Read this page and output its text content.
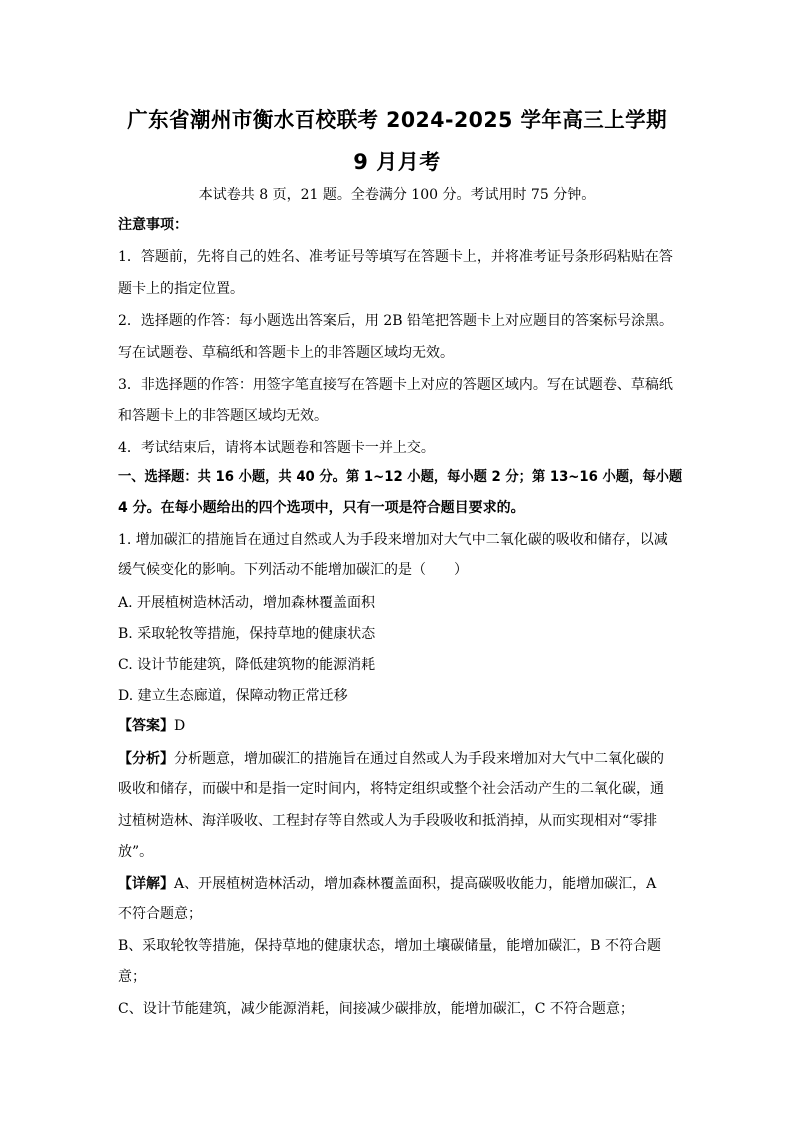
广东省潮州市衡水百校联考 2024-2025 学年高三上学期
9 月月考
本试卷共 8 页，21 题。全卷满分 100 分。考试用时 75 分钟。
注意事项：
1．答题前，先将自己的姓名、准考证号等填写在答题卡上，并将准考证号条形码粘贴在答
题卡上的指定位置。
2．选择题的作答：每小题选出答案后，用 2B 铅笔把答题卡上对应题目的答案标号涂黑。
写在试题卷、草稿纸和答题卡上的非答题区域均无效。
3．非选择题的作答：用签字笔直接写在答题卡上对应的答题区域内。写在试题卷、草稿纸
和答题卡上的非答题区域均无效。
4．考试结束后，请将本试题卷和答题卡一并上交。
一、选择题：共 16 小题，共 40 分。第 1~12 小题，每小题 2 分；第 13~16 小题，每小题
4 分。在每小题给出的四个选项中，只有一项是符合题目要求的。
1. 增加碳汇的措施旨在通过自然或人为手段来增加对大气中二氧化碳的吸收和储存，以减
缓气候变化的影响。下列活动不能增加碳汇的是（　　）
A. 开展植树造林活动，增加森林覆盖面积
B. 采取轮牧等措施，保持草地的健康状态
C. 设计节能建筑，降低建筑物的能源消耗
D. 建立生态廊道，保障动物正常迁移
【答案】D
【分析】分析题意，增加碳汇的措施旨在通过自然或人为手段来增加对大气中二氧化碳的
吸收和储存，而碳中和是指一定时间内，将特定组织或整个社会活动产生的二氧化碳，通
过植树造林、海洋吸收、工程封存等自然或人为手段吸收和抵消掉，从而实现相对“零排
放”。
【详解】A、开展植树造林活动，增加森林覆盖面积，提高碳吸收能力，能增加碳汇，A
不符合题意；
B、采取轮牧等措施，保持草地的健康状态，增加土壤碳储量，能增加碳汇，B 不符合题
意；
C、设计节能建筑，减少能源消耗，间接减少碳排放，能增加碳汇，C 不符合题意；
